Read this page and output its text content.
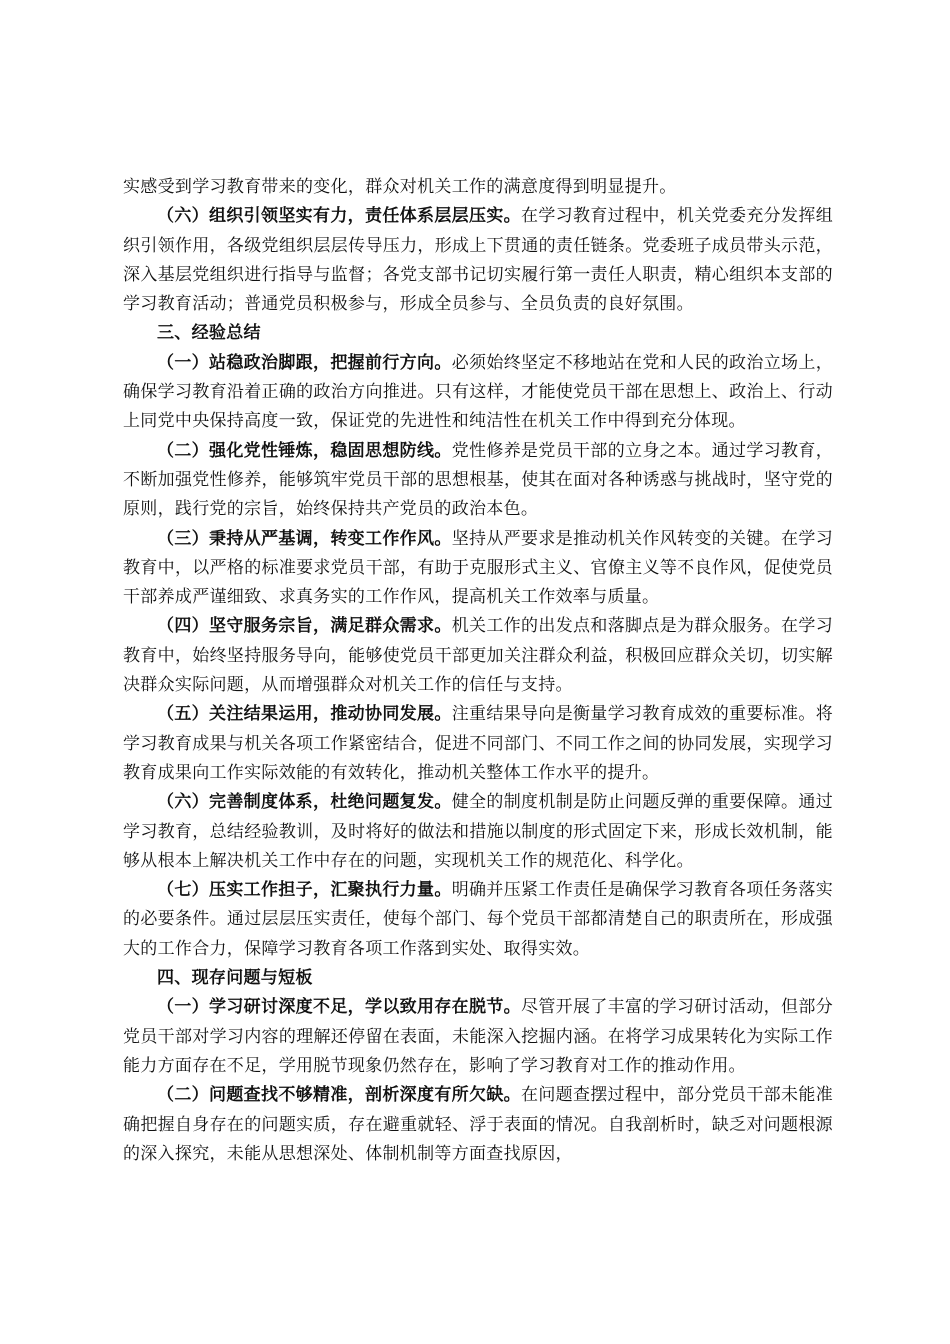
实感受到学习教育带来的变化，群众对机关工作的满意度得到明显提升。

（六）组织引领坚实有力，责任体系层层压实。在学习教育过程中，机关党委充分发挥组织引领作用，各级党组织层层传导压力，形成上下贯通的责任链条。党委班子成员带头示范，深入基层党组织进行指导与监督；各党支部书记切实履行第一责任人职责，精心组织本支部的学习教育活动；普通党员积极参与，形成全员参与、全员负责的良好氛围。

三、经验总结

（一）站稳政治脚跟，把握前行方向。必须始终坚定不移地站在党和人民的政治立场上，确保学习教育沿着正确的政治方向推进。只有这样，才能使党员干部在思想上、政治上、行动上同党中央保持高度一致，保证党的先进性和纯洁性在机关工作中得到充分体现。

（二）强化党性锤炼，稳固思想防线。党性修养是党员干部的立身之本。通过学习教育，不断加强党性修养，能够筑牢党员干部的思想根基，使其在面对各种诱惑与挑战时，坚守党的原则，践行党的宗旨，始终保持共产党员的政治本色。

（三）秉持从严基调，转变工作作风。坚持从严要求是推动机关作风转变的关键。在学习教育中，以严格的标准要求党员干部，有助于克服形式主义、官僚主义等不良作风，促使党员干部养成严谨细致、求真务实的工作作风，提高机关工作效率与质量。

（四）坚守服务宗旨，满足群众需求。机关工作的出发点和落脚点是为群众服务。在学习教育中，始终坚持服务导向，能够使党员干部更加关注群众利益，积极回应群众关切，切实解决群众实际问题，从而增强群众对机关工作的信任与支持。

（五）关注结果运用，推动协同发展。注重结果导向是衡量学习教育成效的重要标准。将学习教育成果与机关各项工作紧密结合，促进不同部门、不同工作之间的协同发展，实现学习教育成果向工作实际效能的有效转化，推动机关整体工作水平的提升。

（六）完善制度体系，杜绝问题复发。健全的制度机制是防止问题反弹的重要保障。通过学习教育，总结经验教训，及时将好的做法和措施以制度的形式固定下来，形成长效机制，能够从根本上解决机关工作中存在的问题，实现机关工作的规范化、科学化。

（七）压实工作担子，汇聚执行力量。明确并压紧工作责任是确保学习教育各项任务落实的必要条件。通过层层压实责任，使每个部门、每个党员干部都清楚自己的职责所在，形成强大的工作合力，保障学习教育各项工作落到实处、取得实效。

四、现存问题与短板

（一）学习研讨深度不足，学以致用存在脱节。尽管开展了丰富的学习研讨活动，但部分党员干部对学习内容的理解还停留在表面，未能深入挖掘内涵。在将学习成果转化为实际工作能力方面存在不足，学用脱节现象仍然存在，影响了学习教育对工作的推动作用。

（二）问题查找不够精准，剖析深度有所欠缺。在问题查摆过程中，部分党员干部未能准确把握自身存在的问题实质，存在避重就轻、浮于表面的情况。自我剖析时，缺乏对问题根源的深入探究，未能从思想深处、体制机制等方面查找原因，
